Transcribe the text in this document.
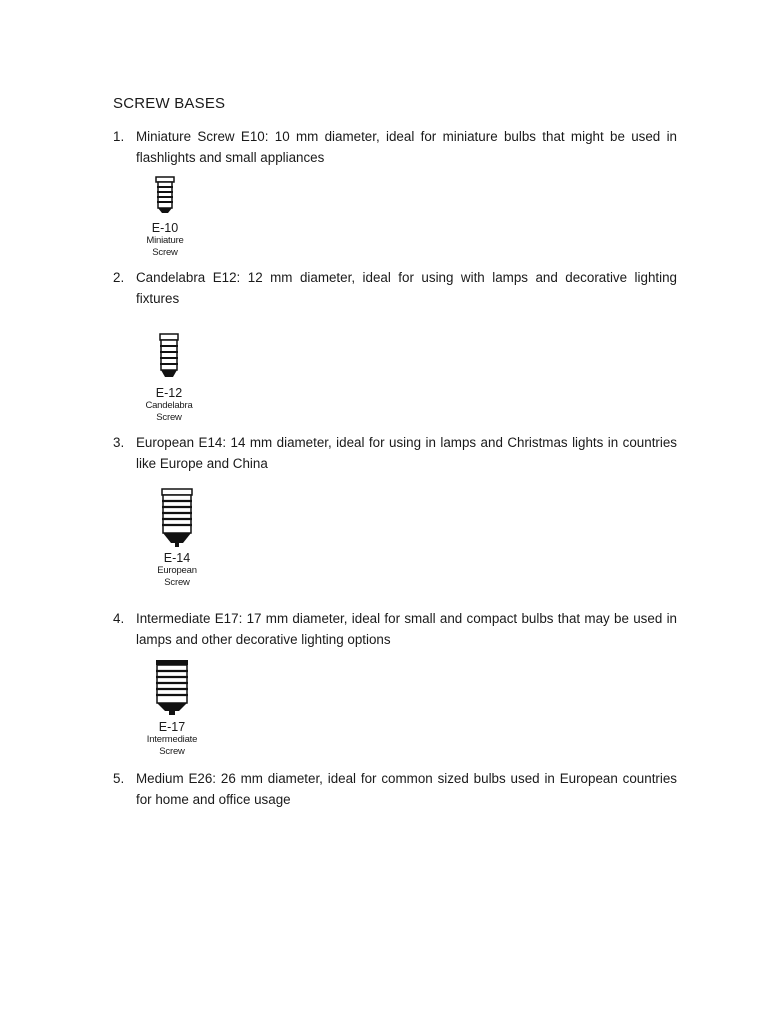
SCREW BASES
1. Miniature Screw E10: 10 mm diameter, ideal for miniature bulbs that might be used in flashlights and small appliances
E-10
Miniature
Screw
2. Candelabra E12: 12 mm diameter, ideal for using with lamps and decorative lighting fixtures
E-12
Candelabra
Screw
3. European E14: 14 mm diameter, ideal for using in lamps and Christmas lights in countries like Europe and China
E-14
European
Screw
4. Intermediate E17: 17 mm diameter, ideal for small and compact bulbs that may be used in lamps and other decorative lighting options
E-17
Intermediate
Screw
5. Medium E26: 26 mm diameter, ideal for common sized bulbs used in European countries for home and office usage
